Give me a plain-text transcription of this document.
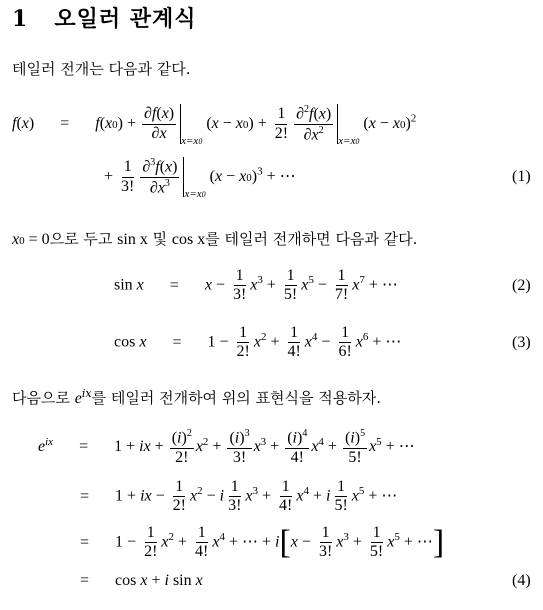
1 오일러 관계식
테일러 전개는 다음과 같다.
$f(x) = f(x0) + \frac{\partial f(x)}{\partial x} _{x=x0}$ $(x - x0) + \frac{1}{2!} \frac{\partial^2f(x)}{\partial x^2} _{x=x0}$ $(x - x0)^2$
+ $\frac{1}{3!} \frac{\partial^3f(x)}{\partial x^3} _{x=x0}$ $(x - x0)^3$ + ⋯	(1)
x0 = 0으로 두고 sin x 및 cos x를 테일러 전개하면 다음과 같다.
$\sin x = x - \frac{1}{3!} x^3 + \frac{1}{5!} x^5 - \frac{1}{7!} x^7$ + ⋯	(2)
$\cos x = 1 - \frac{1}{2!} x^2 + \frac{1}{4!} x^4 - \frac{1}{6!} x^6$ + ⋯	(3)
다음으로 $e^{ix}$를 테일러 전개하여 위의 표현식을 적용하자.
$e^{ix} = 1$ + ix + $\frac{(i)^2}{2!} x^2 + \frac{(i)^3}{3!} x^3 + \frac{(i)^4}{4!} x^4 + \frac{(i)^5}{5!} x^5$ + ⋯
= 1 + ix − $\frac{1}{2!} x^2 - i \frac{1}{3!} x^3 + \frac{1}{4!} x^4 + i \frac{1}{5!} x^5$ + ⋯
= $1 - \frac{1}{2!} x^2 + \frac{1}{4!} x^4$ + ⋯ + $i[x - \frac{1}{3!} x^3 + \frac{1}{5!} x^5$ + ⋯]
= cos x + i sin x	(4)
